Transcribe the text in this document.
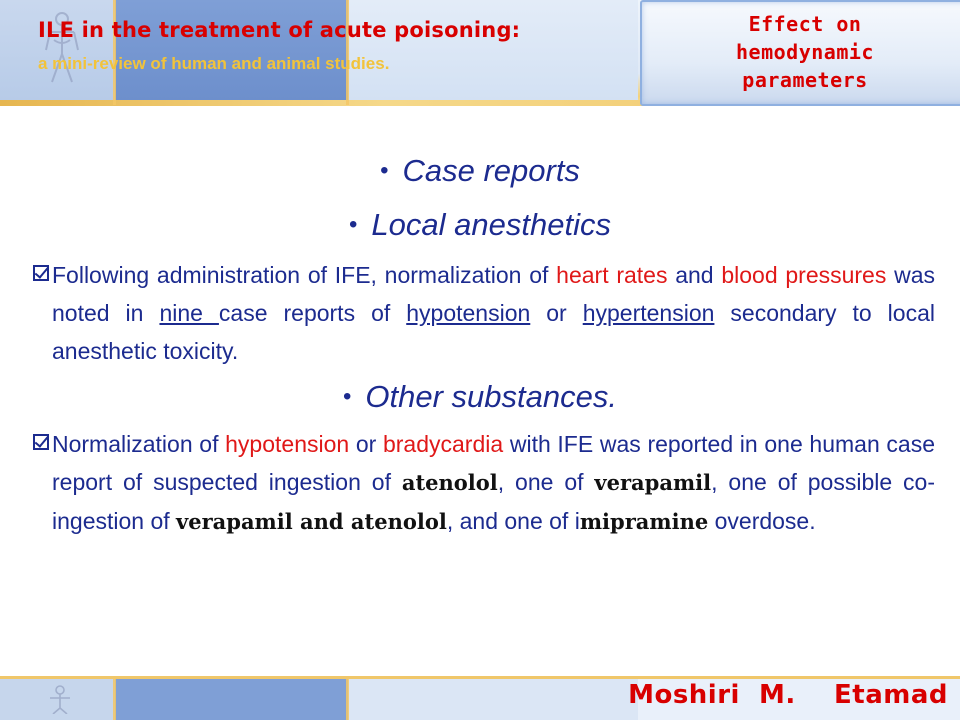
ILE in the treatment of acute poisoning:
a mini-review of human and animal studies.
Effect on
hemodynamic
parameters
• Case reports
• Local anesthetics
Following administration of IFE, normalization of heart rates and blood pressures was noted in nine case reports of hypotension or hypertension secondary to local anesthetic toxicity.
• Other substances.
Normalization of hypotension or bradycardia with IFE was reported in one human case report of suspected ingestion of atenolol, one of verapamil, one of possible co-ingestion of verapamil and atenolol, and one of imipramine overdose.
Moshiri  M.    Etamad
